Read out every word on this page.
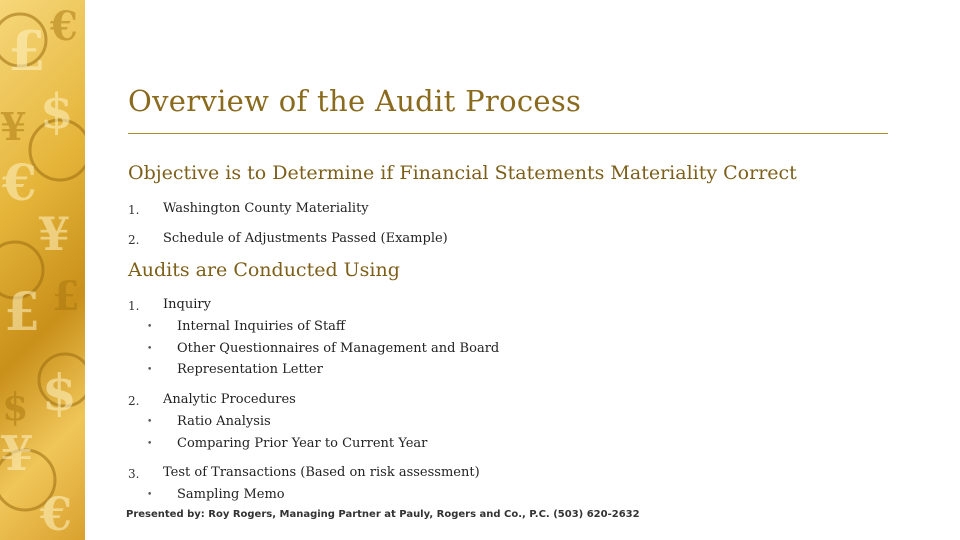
£
$
€
¥
£
$
¥
€
€
¥
£
$
Overview of the Audit Process
Objective is to Determine if Financial Statements Materiality Correct
1. Washington County Materiality
2. Schedule of Adjustments Passed (Example)
Audits are Conducted Using
1. Inquiry
• Internal Inquiries of Staff
• Other Questionnaires of Management and Board
• Representation Letter
2. Analytic Procedures
• Ratio Analysis
• Comparing Prior Year to Current Year
3. Test of Transactions (Based on risk assessment)
• Sampling Memo
Presented by: Roy Rogers, Managing Partner at Pauly, Rogers and Co., P.C. (503) 620-2632
